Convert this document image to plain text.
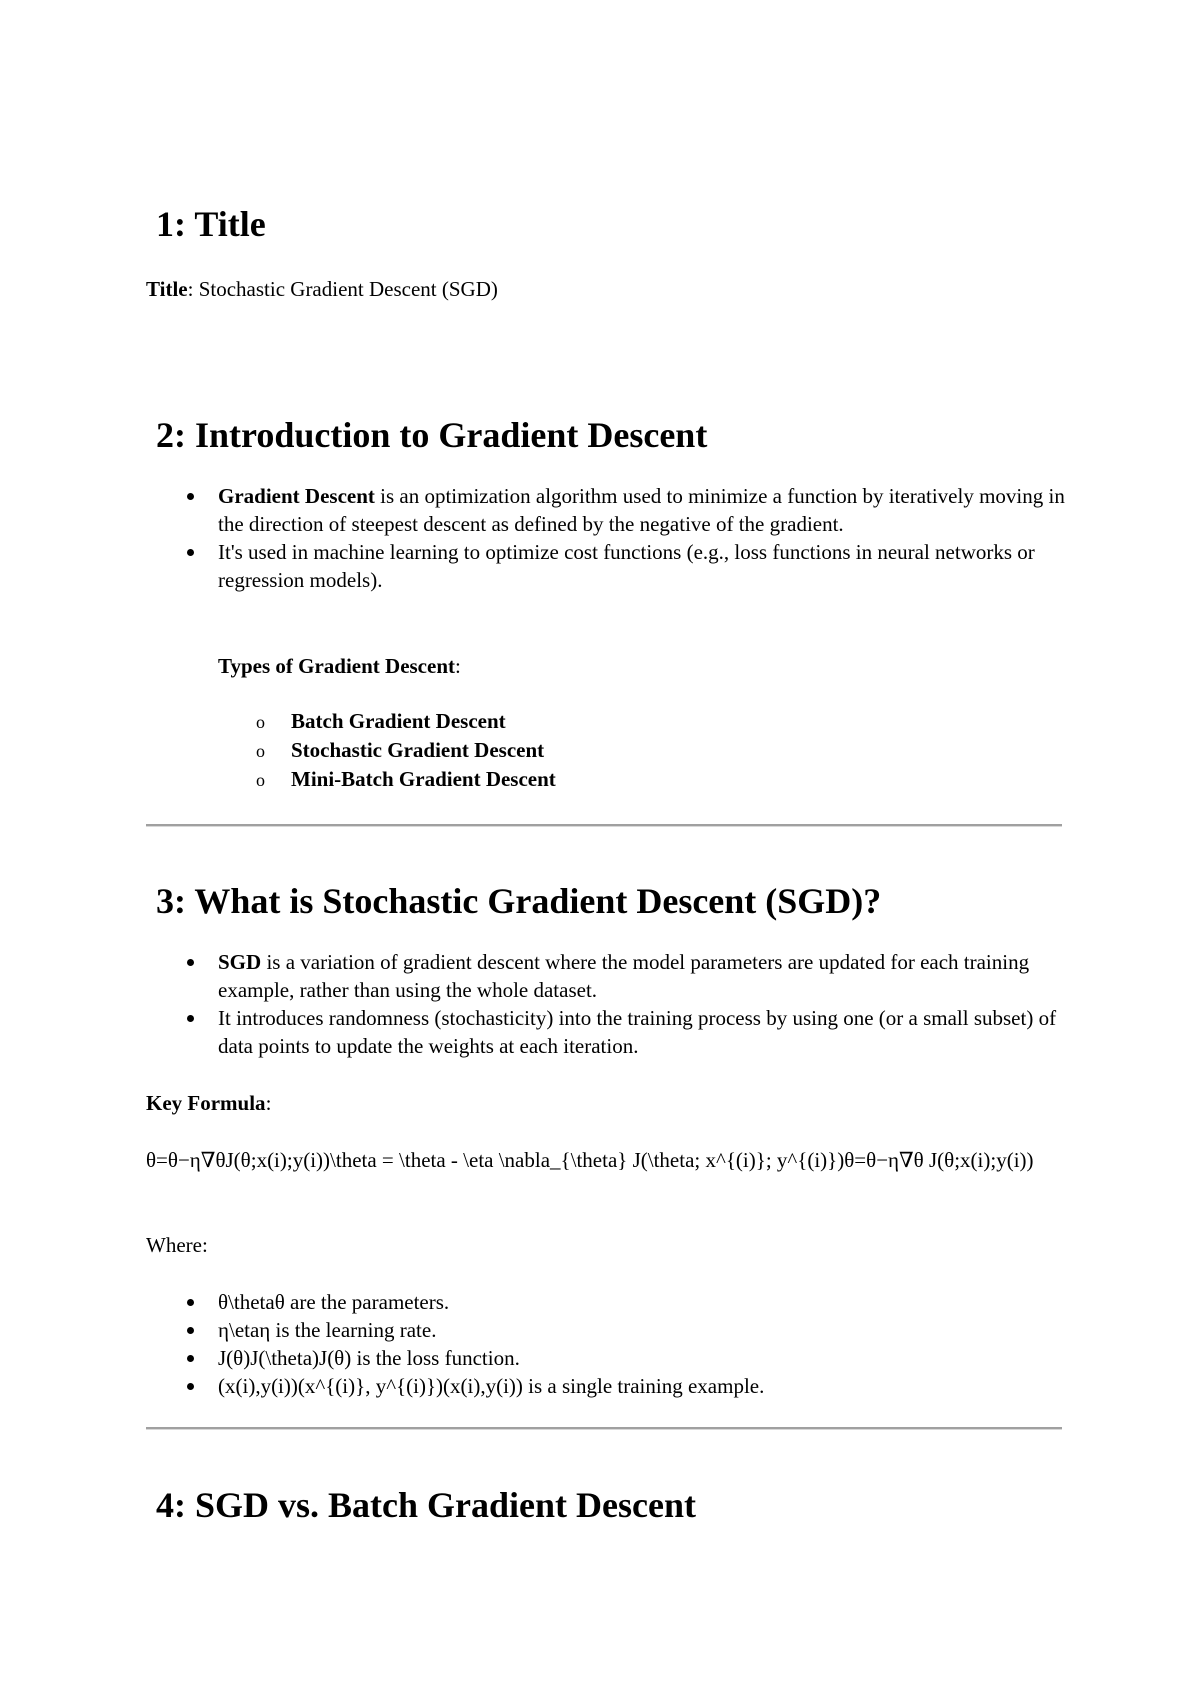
1: Title

Title: Stochastic Gradient Descent (SGD)

2: Introduction to Gradient Descent
Gradient Descent is an optimization algorithm used to minimize a function by iteratively moving in the direction of steepest descent as defined by the negative of the gradient.
It's used in machine learning to optimize cost functions (e.g., loss functions in neural networks or regression models).

Types of Gradient Descent:

o Batch Gradient Descent
o Stochastic Gradient Descent
o Mini-Batch Gradient Descent
3: What is Stochastic Gradient Descent (SGD)?
SGD is a variation of gradient descent where the model parameters are updated for each training example, rather than using the whole dataset.
It introduces randomness (stochasticity) into the training process by using one (or a small subset) of data points to update the weights at each iteration.

Key Formula:

θ=θ−η∇θJ(θ;x(i);y(i))\theta = \theta - \eta \nabla_{\theta} J(\theta; x^{(i)}; y^{(i)})θ=θ−η∇θ J(θ;x(i);y(i))

Where:

θ\thetaθ are the parameters.
η\etaη is the learning rate.
J(θ)J(\theta)J(θ) is the loss function.
(x(i),y(i))(x^{(i)}, y^{(i)})(x(i),y(i)) is a single training example.
4: SGD vs. Batch Gradient Descent
